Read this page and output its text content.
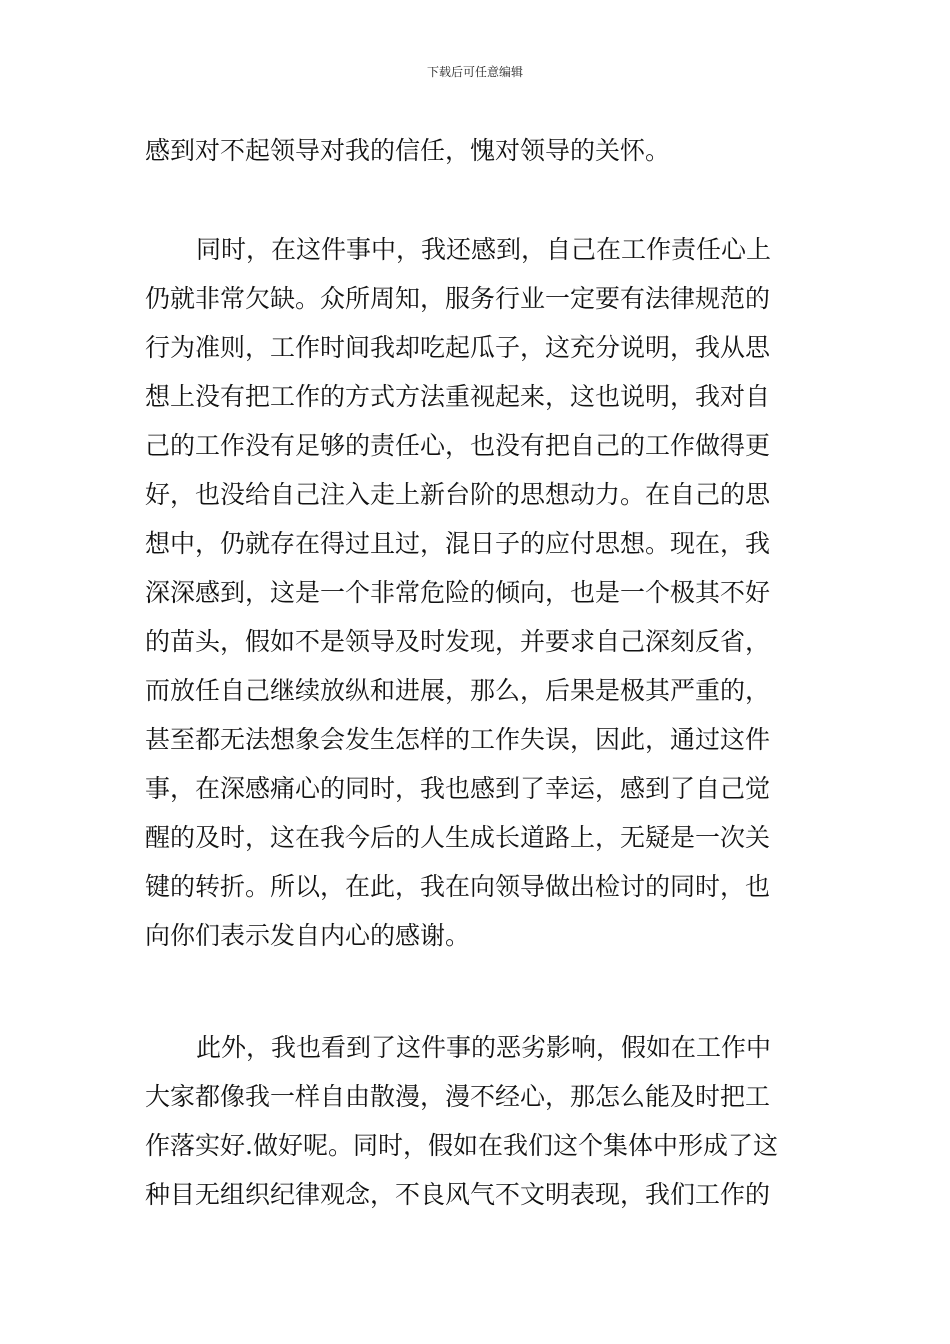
下载后可任意编辑
感到对不起领导对我的信任，愧对领导的关怀。
同时，在这件事中，我还感到，自己在工作责任心上
仍就非常欠缺。众所周知，服务行业一定要有法律规范的
行为准则，工作时间我却吃起瓜子，这充分说明，我从思
想上没有把工作的方式方法重视起来，这也说明，我对自
己的工作没有足够的责任心，也没有把自己的工作做得更
好，也没给自己注入走上新台阶的思想动力。在自己的思
想中，仍就存在得过且过，混日子的应付思想。现在，我
深深感到，这是一个非常危险的倾向，也是一个极其不好
的苗头，假如不是领导及时发现，并要求自己深刻反省，
而放任自己继续放纵和进展，那么，后果是极其严重的，
甚至都无法想象会发生怎样的工作失误，因此，通过这件
事，在深感痛心的同时，我也感到了幸运，感到了自己觉
醒的及时，这在我今后的人生成长道路上，无疑是一次关
键的转折。所以，在此，我在向领导做出检讨的同时，也
向你们表示发自内心的感谢。
此外，我也看到了这件事的恶劣影响，假如在工作中
大家都像我一样自由散漫，漫不经心，那怎么能及时把工
作落实好.做好呢。同时，假如在我们这个集体中形成了这
种目无组织纪律观念，不良风气不文明表现，我们工作的
